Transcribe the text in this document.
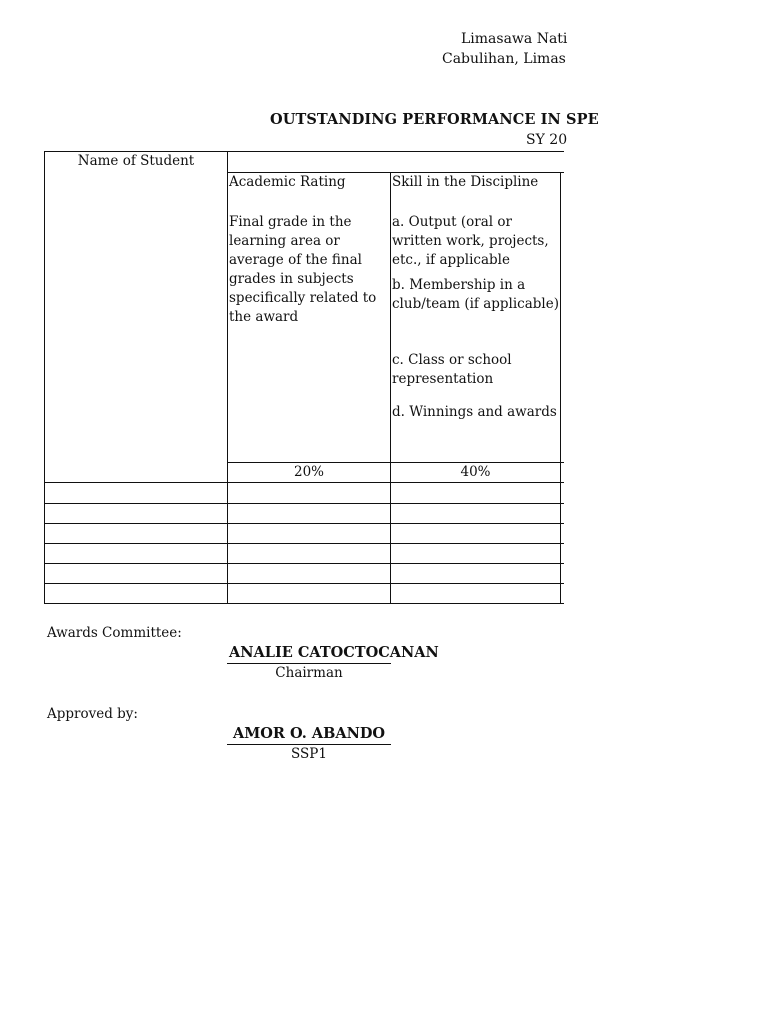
Limasawa Nati
Cabulihan, Limas
OUTSTANDING PERFORMANCE IN SPE
SY 20
Name of Student
Academic Rating
Final grade in the learning area or average of the final grades in subjects specifically related to the award
20%
Skill in the Discipline
a. Output (oral or written work, projects, etc., if applicable
b. Membership in a club/team (if applicable)
c. Class or school representation
d. Winnings and awards
40%
Awards Committee:
ANALIE CATOCTOCANAN
Chairman
Approved by:
AMOR O. ABANDO
SSP1
